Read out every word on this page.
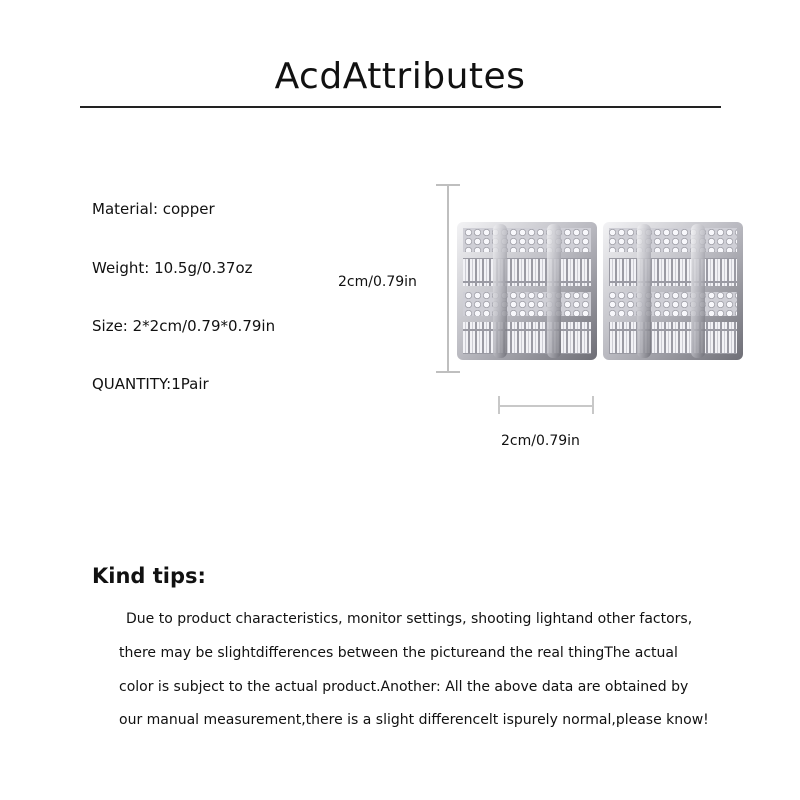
AcdAttributes
Material: copper
Weight: 10.5g/0.37oz
Size: 2*2cm/0.79*0.79in
QUANTITY:1Pair
2cm/0.79in
2cm/0.79in
Kind tips:
Due to product characteristics, monitor settings, shooting lightand other factors,
there may be slightdifferences between the pictureand the real thingThe actual
color is subject to the actual product.Another: All the above data are obtained by
our manual measurement,there is a slight differencelt ispurely normal,please know!
